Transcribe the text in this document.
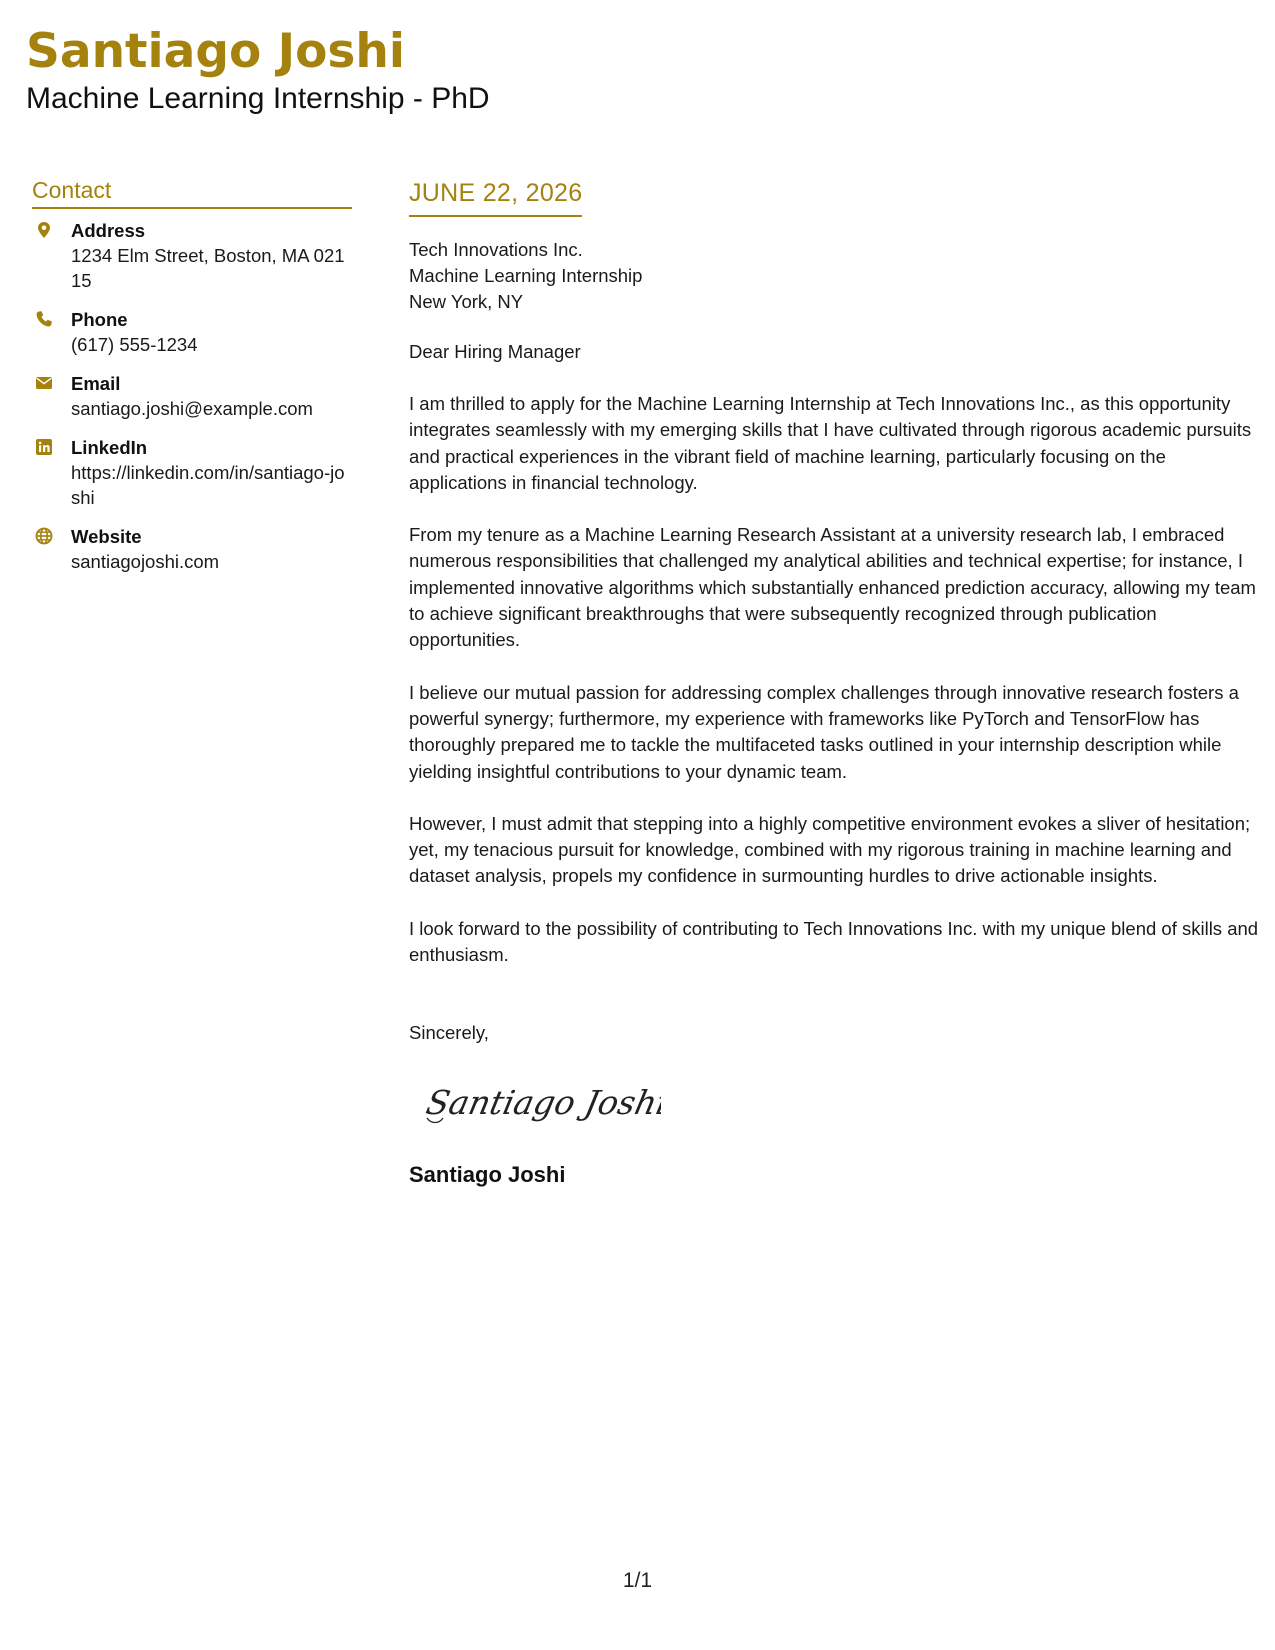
Santiago Joshi
Machine Learning Internship - PhD
Contact
Address
1234 Elm Street, Boston, MA 02115
Phone
(617) 555-1234
Email
santiago.joshi@example.com
LinkedIn
https://linkedin.com/in/santiago-joshi
Website
santiagojoshi.com
JUNE 22, 2026
Tech Innovations Inc.
Machine Learning Internship
New York, NY
Dear Hiring Manager

I am thrilled to apply for the Machine Learning Internship at Tech Innovations Inc., as this opportunity integrates seamlessly with my emerging skills that I have cultivated through rigorous academic pursuits and practical experiences in the vibrant field of machine learning, particularly focusing on the applications in financial technology.

From my tenure as a Machine Learning Research Assistant at a university research lab, I embraced numerous responsibilities that challenged my analytical abilities and technical expertise; for instance, I implemented innovative algorithms which substantially enhanced prediction accuracy, allowing my team to achieve significant breakthroughs that were subsequently recognized through publication opportunities.

I believe our mutual passion for addressing complex challenges through innovative research fosters a powerful synergy; furthermore, my experience with frameworks like PyTorch and TensorFlow has thoroughly prepared me to tackle the multifaceted tasks outlined in your internship description while yielding insightful contributions to your dynamic team.

However, I must admit that stepping into a highly competitive environment evokes a sliver of hesitation; yet, my tenacious pursuit for knowledge, combined with my rigorous training in machine learning and dataset analysis, propels my confidence in surmounting hurdles to drive actionable insights.

I look forward to the possibility of contributing to Tech Innovations Inc. with my unique blend of skills and enthusiasm.

Sincerely,
Santiago Joshi
Santiago Joshi
1/1
